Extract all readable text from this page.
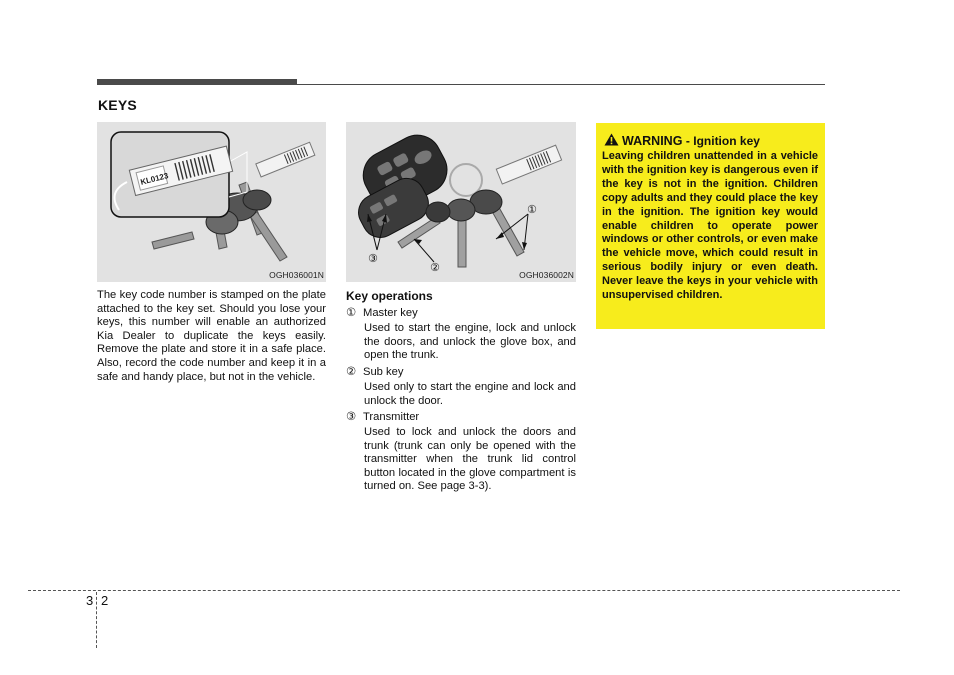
KEYS
KL0123
OGH036001N
The key code number is stamped on the plate attached to the key set. Should you lose your keys, this number will enable an authorized Kia Dealer to duplicate the keys easily. Remove the plate and store it in a safe place. Also, record the code number and keep it in a safe and handy place, but not in the vehicle.
①
②
③
OGH036002N
Key operations
① Master key
Used to start the engine, lock and unlock the doors, and unlock the glove box, and open the trunk.
② Sub key
Used only to start the engine and lock and unlock the door.
③ Transmitter
Used to lock and unlock the doors and trunk (trunk can only be opened with the transmitter when the trunk lid control button located in the glove compartment is turned on. See page 3-3).
WARNING - Ignition key
Leaving children unattended in a vehicle with the ignition key is dangerous even if the key is not in the ignition. Children copy adults and they could place the key in the ignition. The ignition key would enable children to operate power windows or other controls, or even make the vehicle move, which could result in serious bodily injury or even death. Never leave the keys in your vehicle with unsupervised children.
3 2
